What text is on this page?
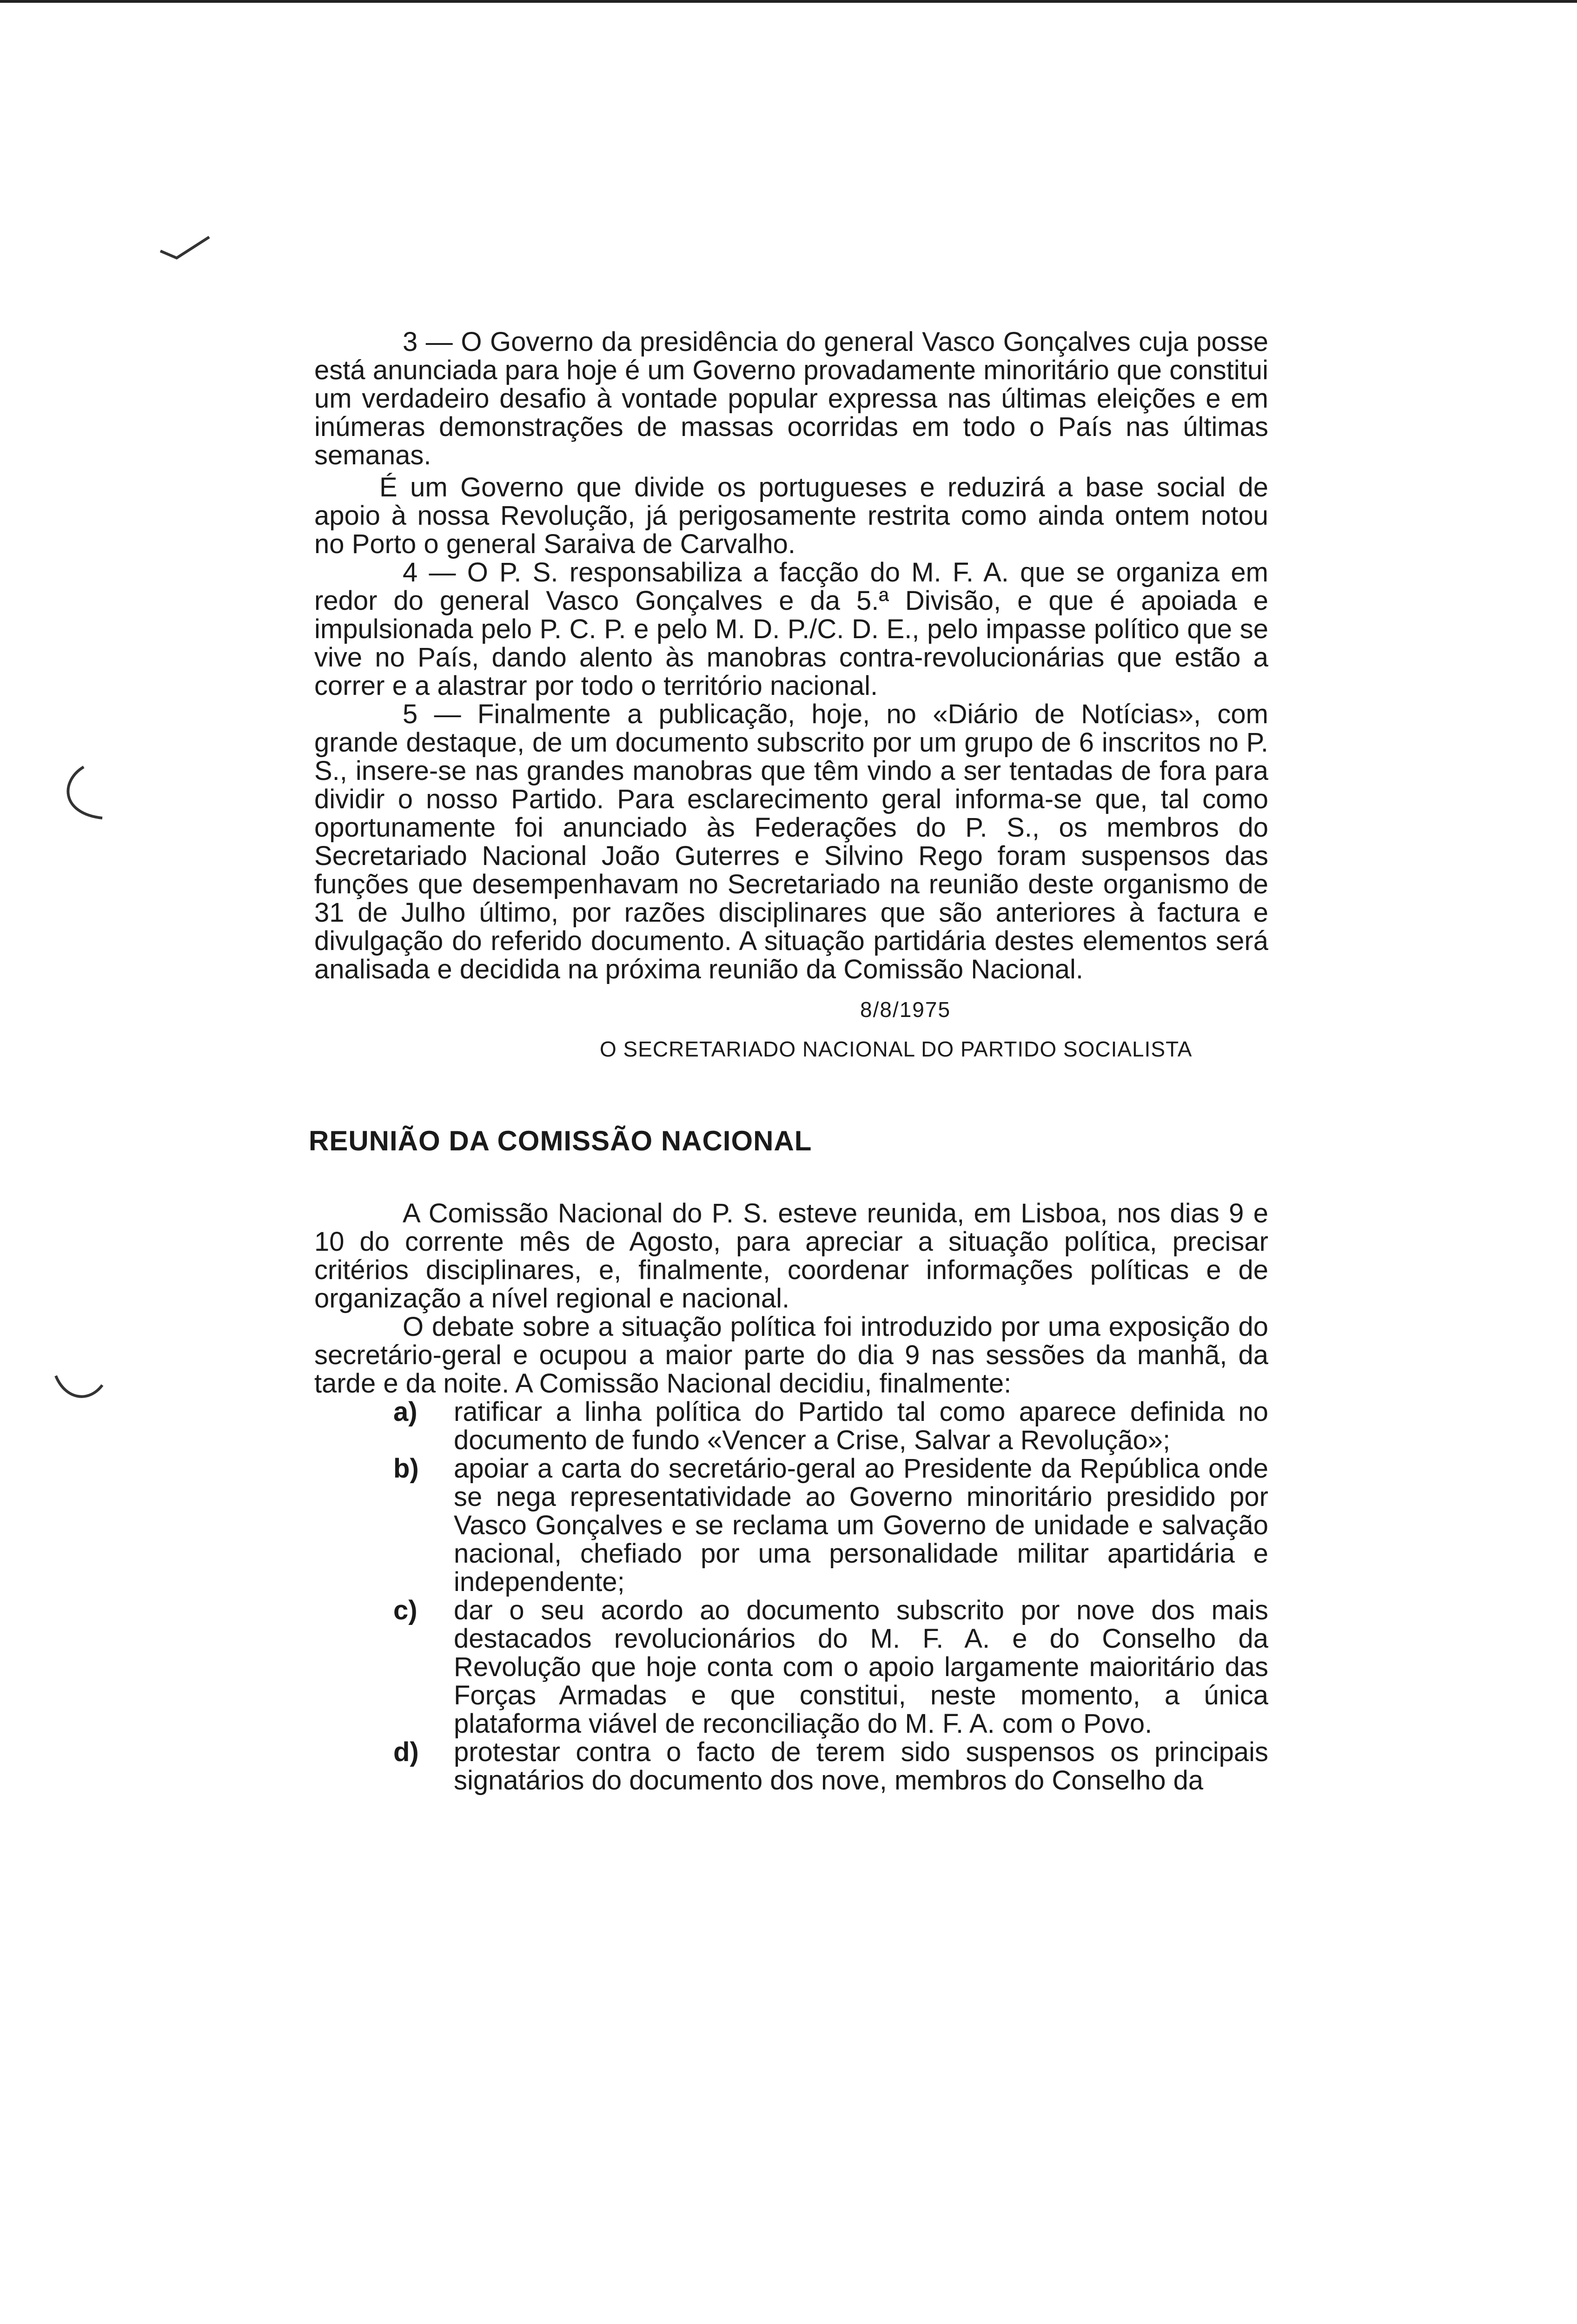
3 — O Governo da presidência do general Vasco Gonçalves cuja posse está anunciada para hoje é um Governo provadamente minoritário que constitui um verdadeiro desafio à vontade popular expressa nas últimas eleições e em inúmeras demonstrações de massas ocorridas em todo o País nas últimas semanas.

É um Governo que divide os portugueses e reduzirá a base social de apoio à nossa Revolução, já perigosamente restrita como ainda ontem notou no Porto o general Saraiva de Carvalho.

4 — O P. S. responsabiliza a facção do M. F. A. que se organiza em redor do general Vasco Gonçalves e da 5.ª Divisão, e que é apoiada e impulsionada pelo P. C. P. e pelo M. D. P./C. D. E., pelo impasse político que se vive no País, dando alento às manobras contra-revolucionárias que estão a correr e a alastrar por todo o território nacional.

5 — Finalmente a publicação, hoje, no «Diário de Notícias», com grande destaque, de um documento subscrito por um grupo de 6 inscritos no P. S., insere-se nas grandes manobras que têm vindo a ser tentadas de fora para dividir o nosso Partido. Para esclarecimento geral informa-se que, tal como oportunamente foi anunciado às Federações do P. S., os membros do Secretariado Nacional João Guterres e Silvino Rego foram suspensos das funções que desempenhavam no Secretariado na reunião deste organismo de 31 de Julho último, por razões disciplinares que são anteriores à factura e divulgação do referido documento. A situação partidária destes elementos será analisada e decidida na próxima reunião da Comissão Nacional.

8/8/1975
O SECRETARIADO NACIONAL DO PARTIDO SOCIALISTA
REUNIÃO DA COMISSÃO NACIONAL

A Comissão Nacional do P. S. esteve reunida, em Lisboa, nos dias 9 e 10 do corrente mês de Agosto, para apreciar a situação política, precisar critérios disciplinares, e, finalmente, coordenar informações políticas e de organização a nível regional e nacional.

O debate sobre a situação política foi introduzido por uma exposição do secretário-geral e ocupou a maior parte do dia 9 nas sessões da manhã, da tarde e da noite. A Comissão Nacional decidiu, finalmente:

a)	ratificar a linha política do Partido tal como aparece definida no documento de fundo «Vencer a Crise, Salvar a Revolução»;
b)	apoiar a carta do secretário-geral ao Presidente da República onde se nega representatividade ao Governo minoritário presidido por Vasco Gonçalves e se reclama um Governo de unidade e salvação nacional, chefiado por uma personalidade militar apartidária e independente;
c)	dar o seu acordo ao documento subscrito por nove dos mais destacados revolucionários do M. F. A. e do Conselho da Revolução que hoje conta com o apoio largamente maioritário das Forças Armadas e que constitui, neste momento, a única plataforma viável de reconciliação do M. F. A. com o Povo.
d)	protestar contra o facto de terem sido suspensos os principais signatários do documento dos nove, membros do Conselho da
